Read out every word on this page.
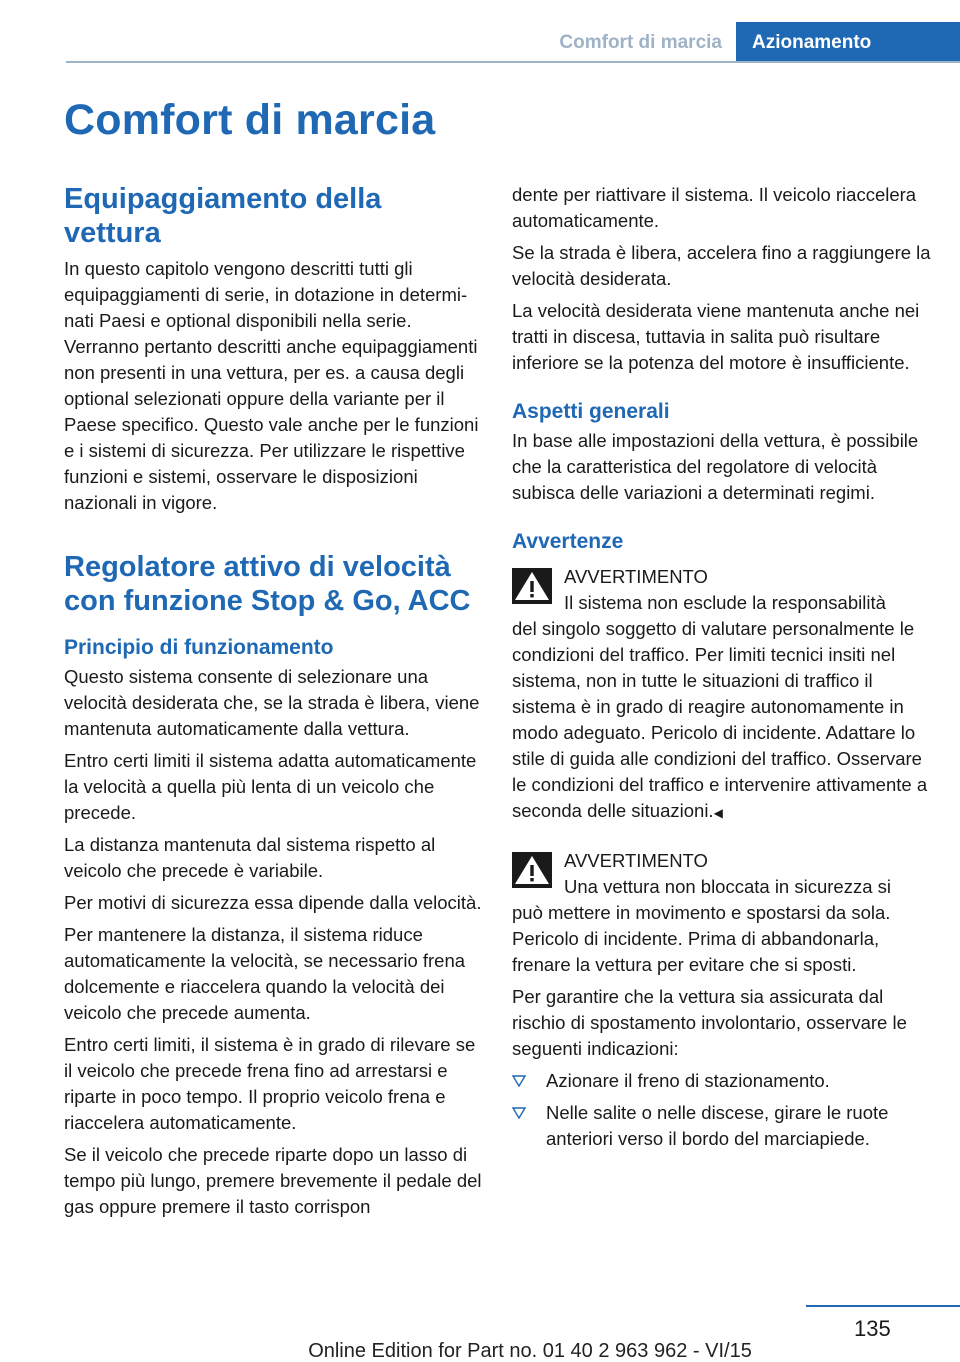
Comfort di marcia	Azionamento
Comfort di marcia
Equipaggiamento della vettura

In questo capitolo vengono descritti tutti gli equipaggiamenti di serie, in dotazione in determinati Paesi e optional disponibili nella serie. Verranno pertanto descritti anche equipaggiamenti non presenti in una vettura, per es. a causa degli optional selezionati oppure della variante per il Paese specifico. Questo vale anche per le funzioni e i sistemi di sicurezza. Per utilizzare le rispettive funzioni e sistemi, osservare le disposizioni nazionali in vigore.

Regolatore attivo di velocità con funzione Stop & Go, ACC
Principio di funzionamento

Questo sistema consente di selezionare una velocità desiderata che, se la strada è libera, viene mantenuta automaticamente dalla vettura.

Entro certi limiti il sistema adatta automaticamente la velocità a quella più lenta di un veicolo che precede.

La distanza mantenuta dal sistema rispetto al veicolo che precede è variabile.

Per motivi di sicurezza essa dipende dalla velocità.

Per mantenere la distanza, il sistema riduce automaticamente la velocità, se necessario frena dolcemente e riaccelera quando la velocità dei veicolo che precede aumenta.

Entro certi limiti, il sistema è in grado di rilevare se il veicolo che precede frena fino ad arrestarsi e riparte in poco tempo. Il proprio veicolo frena e riaccelera automaticamente.

Se il veicolo che precede riparte dopo un lasso di tempo più lungo, premere brevemente il pedale del gas oppure premere il tasto corrispon

dente per riattivare il sistema. Il veicolo riaccelera automaticamente.

Se la strada è libera, accelera fino a raggiungere la velocità desiderata.

La velocità desiderata viene mantenuta anche nei tratti in discesa, tuttavia in salita può risultare inferiore se la potenza del motore è insufficiente.

Aspetti generali

In base alle impostazioni della vettura, è possibile che la caratteristica del regolatore di velocità subisca delle variazioni a determinati regimi.

Avvertenze
AVVERTIMENTO
Il sistema non esclude la responsabilità
del singolo soggetto di valutare personalmente le condizioni del traffico. Per limiti tecnici insiti nel sistema, non in tutte le situazioni di traffico il sistema è in grado di reagire autonomamente in modo adeguato. Pericolo di incidente. Adattare lo stile di guida alle condizioni del traffico. Osservare le condizioni del traffico e intervenire attivamente a seconda delle situazioni.◀
AVVERTIMENTO
Una vettura non bloccata in sicurezza si
può mettere in movimento e spostarsi da sola. Pericolo di incidente. Prima di abbandonarla, frenare la vettura per evitare che si sposti.

Per garantire che la vettura sia assicurata dal rischio di spostamento involontario, osservare le seguenti indicazioni:

Azionare il freno di stazionamento.
Nelle salite o nelle discese, girare le ruote anteriori verso il bordo del marciapiede.
135
Online Edition for Part no. 01 40 2 963 962 - VI/15
